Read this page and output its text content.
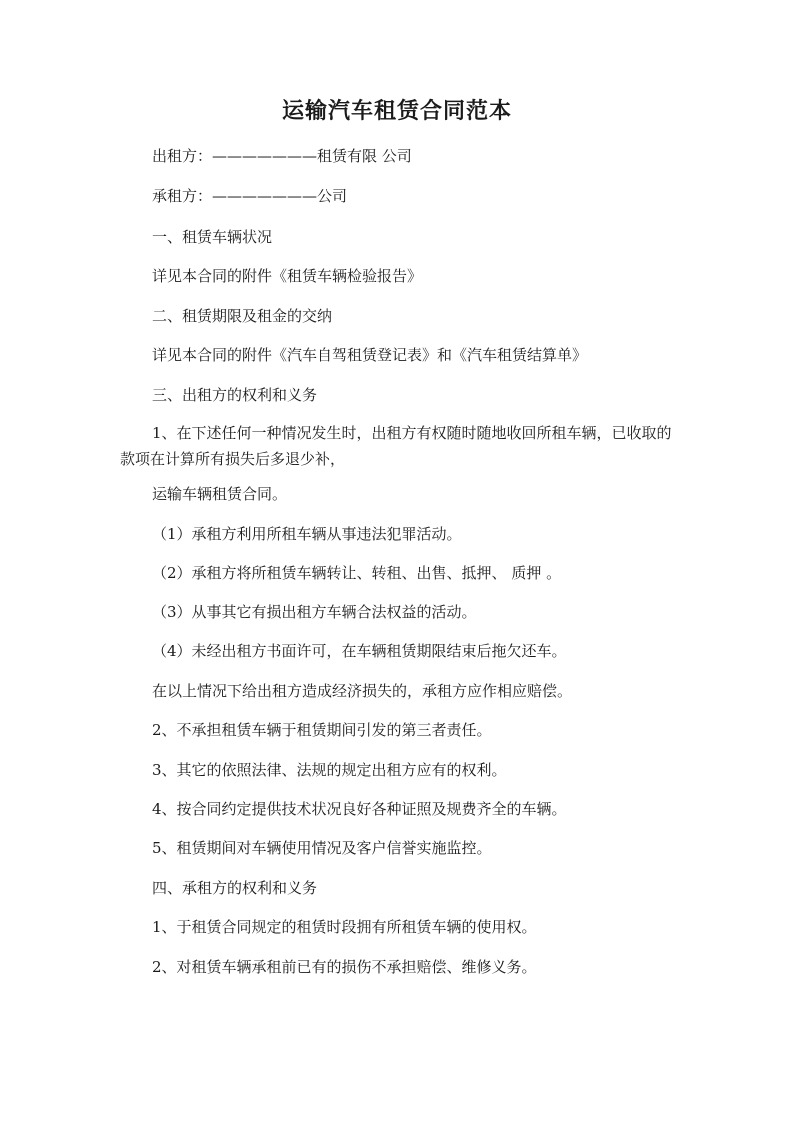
运输汽车租赁合同范本
出租方：———————租赁有限 公司
承租方：———————公司
一、租赁车辆状况
详见本合同的附件《租赁车辆检验报告》
二、租赁期限及租金的交纳
详见本合同的附件《汽车自驾租赁登记表》和《汽车租赁结算单》
三、出租方的权利和义务
1、在下述任何一种情况发生时，出租方有权随时随地收回所租车辆，已收取的款项在计算所有损失后多退少补，
运输车辆租赁合同。
（1）承租方利用所租车辆从事违法犯罪活动。
（2）承租方将所租赁车辆转让、转租、出售、抵押、 质押 。
（3）从事其它有损出租方车辆合法权益的活动。
（4）未经出租方书面许可，在车辆租赁期限结束后拖欠还车。
在以上情况下给出租方造成经济损失的，承租方应作相应赔偿。
2、不承担租赁车辆于租赁期间引发的第三者责任。
3、其它的依照法律、法规的规定出租方应有的权利。
4、按合同约定提供技术状况良好各种证照及规费齐全的车辆。
5、租赁期间对车辆使用情况及客户信誉实施监控。
四、承租方的权利和义务
1、于租赁合同规定的租赁时段拥有所租赁车辆的使用权。
2、对租赁车辆承租前已有的损伤不承担赔偿、维修义务。
